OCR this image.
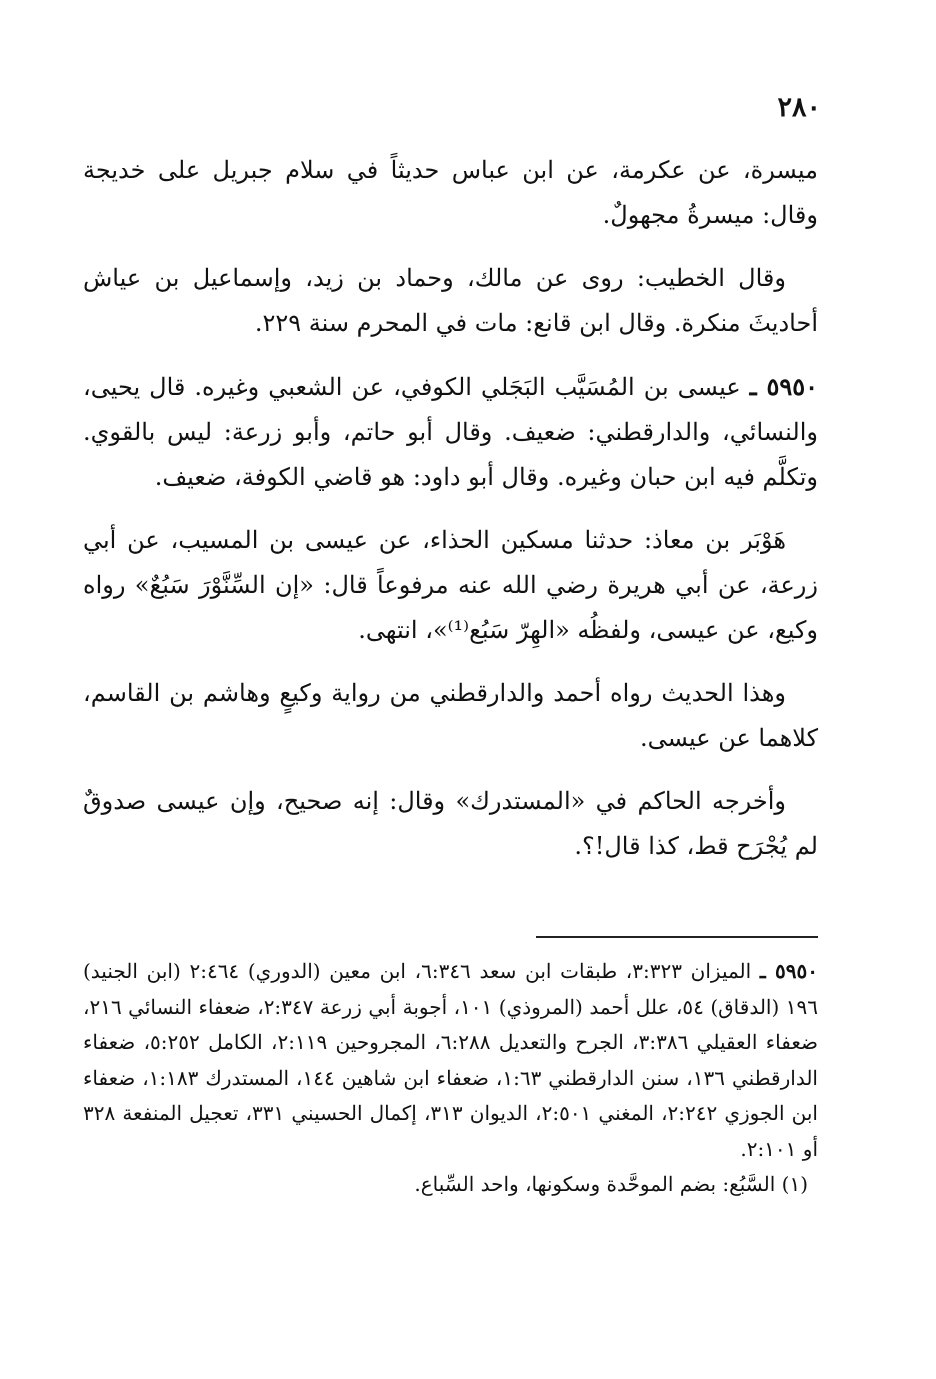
٢٨٠

ميسرة، عن عكرمة، عن ابن عباس حديثاً في سلام جبريل على خديجة وقال: ميسرةُ مجهولٌ.

وقال الخطيب: روى عن مالك، وحماد بن زيد، وإسماعيل بن عياش أحاديثَ منكرة. وقال ابن قانع: مات في المحرم سنة ٢٢٩.

٥٩٥٠ ـ عيسى بن المُسَيَّب البَجَلي الكوفي، عن الشعبي وغيره. قال يحيى، والنسائي، والدارقطني: ضعيف. وقال أبو حاتم، وأبو زرعة: ليس بالقوي. وتكلَّم فيه ابن حبان وغيره. وقال أبو داود: هو قاضي الكوفة، ضعيف.

هَوْبَر بن معاذ: حدثنا مسكين الحذاء، عن عيسى بن المسيب، عن أبي زرعة، عن أبي هريرة رضي الله عنه مرفوعاً قال: «إن السِّنَّوْرَ سَبُعٌ» رواه وكيع، عن عيسى، ولفظُه «الهِرّ سَبُع⁽¹⁾»، انتهى.

وهذا الحديث رواه أحمد والدارقطني من رواية وكيعٍ وهاشم بن القاسم، كلاهما عن عيسى.

وأخرجه الحاكم في «المستدرك» وقال: إنه صحيح، وإن عيسى صدوقٌ لم يُجْرَح قط، كذا قال!؟.

٥٩٥٠ ـ الميزان ٣:٣٢٣، طبقات ابن سعد ٦:٣٤٦، ابن معين (الدوري) ٢:٤٦٤ (ابن الجنيد) ١٩٦ (الدقاق) ٥٤، علل أحمد (المروذي) ١٠١، أجوبة أبي زرعة ٢:٣٤٧، ضعفاء النسائي ٢١٦، ضعفاء العقيلي ٣:٣٨٦، الجرح والتعديل ٦:٢٨٨، المجروحين ٢:١١٩، الكامل ٥:٢٥٢، ضعفاء الدارقطني ١٣٦، سنن الدارقطني ١:٦٣، ضعفاء ابن شاهين ١٤٤، المستدرك ١:١٨٣، ضعفاء ابن الجوزي ٢:٢٤٢، المغني ٢:٥٠١، الديوان ٣١٣، إكمال الحسيني ٣٣١، تعجيل المنفعة ٣٢٨ أو ٢:١٠١.

(١) السَّبُع: بضم الموحَّدة وسكونها، واحد السِّباع.
